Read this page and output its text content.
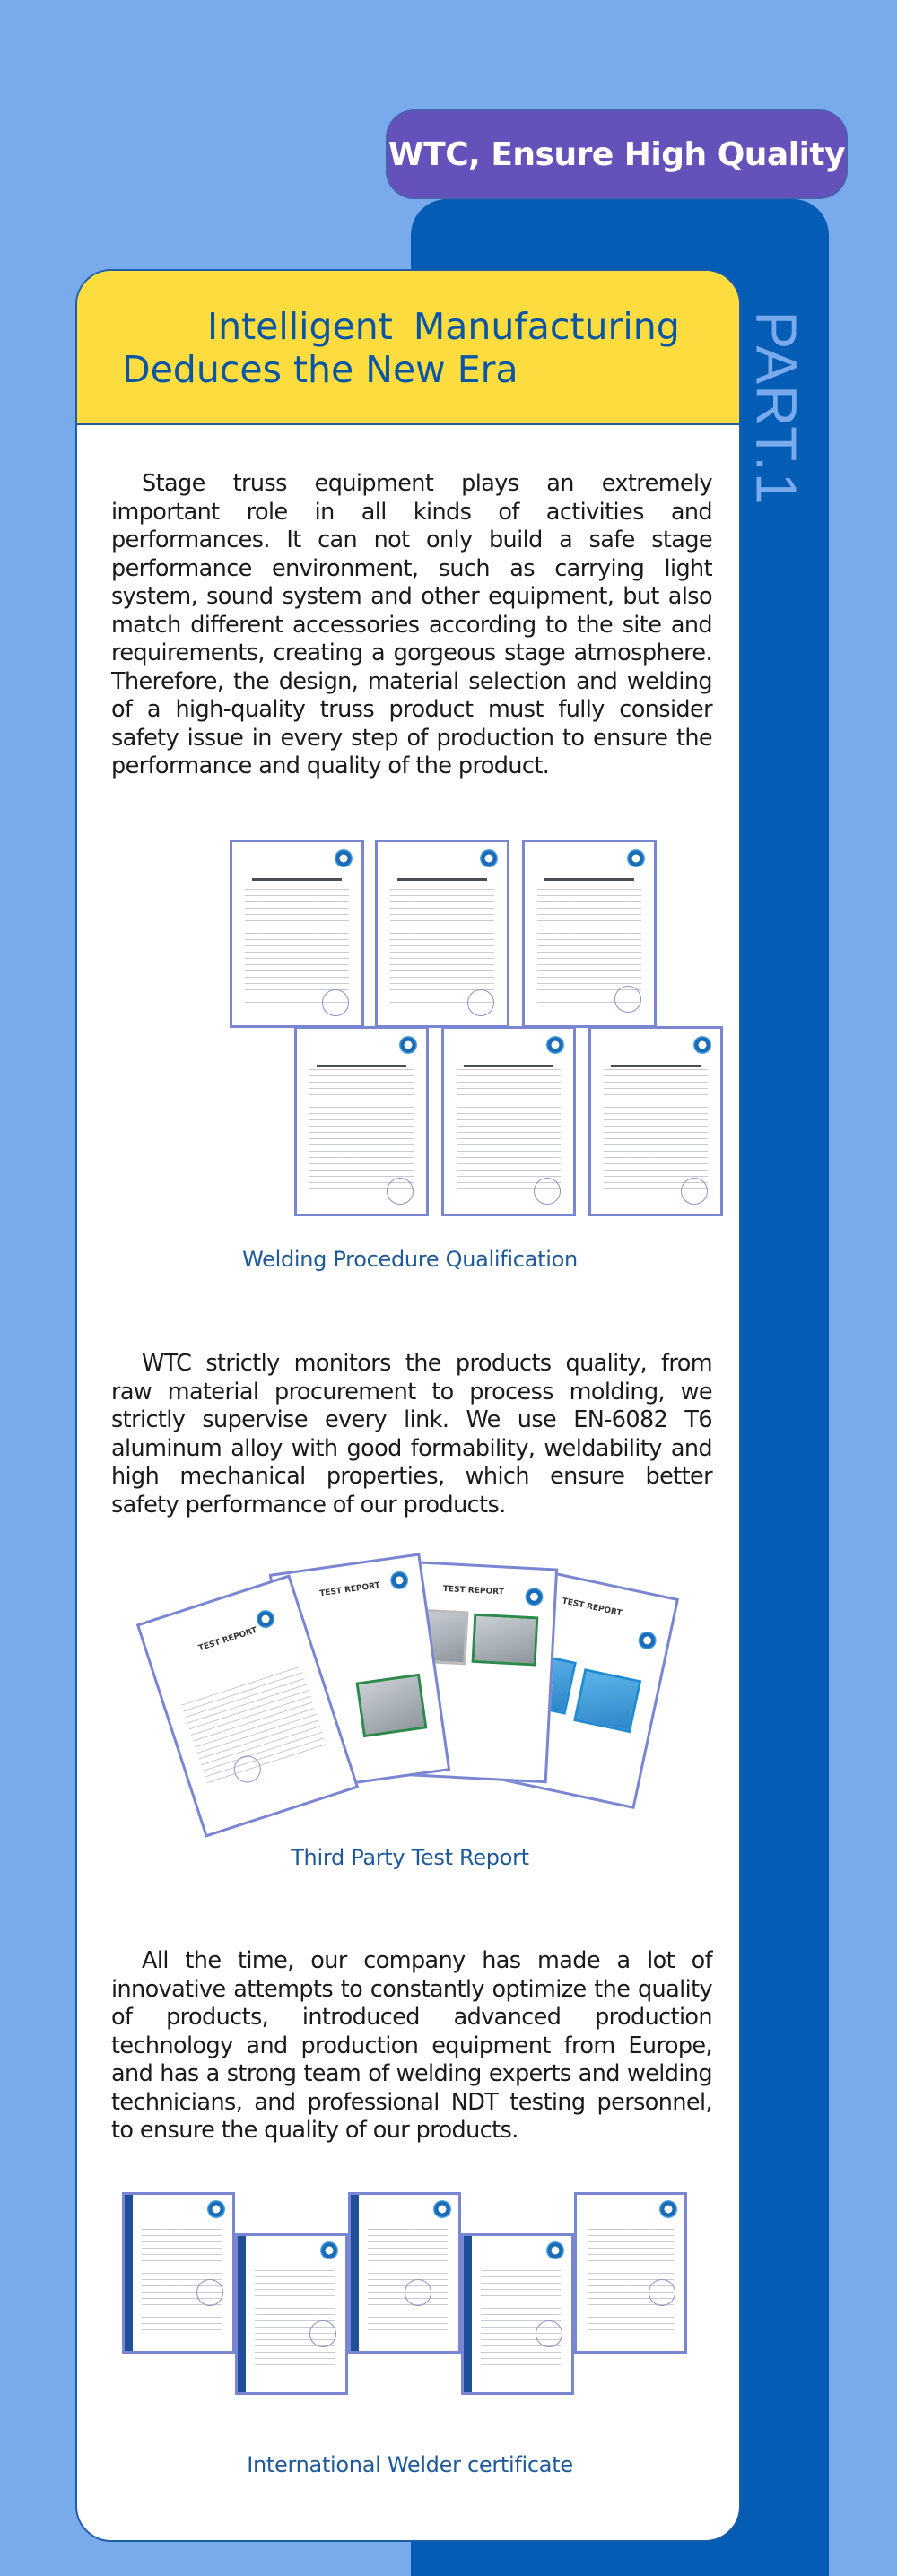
WTC, Ensure High Quality
PART.1
Intelligent Manufacturing
Deduces the New Era

Stage truss equipment plays an extremely important role in all kinds of activities and performances. It can not only build a safe stage performance environment, such as carrying light system, sound system and other equipment, but also match different accessories according to the site and requirements, creating a gorgeous stage atmosphere. Therefore, the design, material selection and welding of a high-quality truss product must fully consider safety issue in every step of production to ensure the performance and quality of the product.

Welding Procedure Qualification

WTC strictly monitors the products quality, from raw material procurement to process molding, we strictly supervise every link. We use EN-6082 T6 aluminum alloy with good formability, weldability and high mechanical properties, which ensure better safety performance of our products.

TEST REPORT
TEST REPORT
TEST REPORT
TEST REPORT
Third Party Test Report

All the time, our company has made a lot of innovative attempts to constantly optimize the quality of products, introduced advanced production technology and production equipment from Europe, and has a strong team of welding experts and welding technicians, and professional NDT testing personnel, to ensure the quality of our products.

International Welder certificate
